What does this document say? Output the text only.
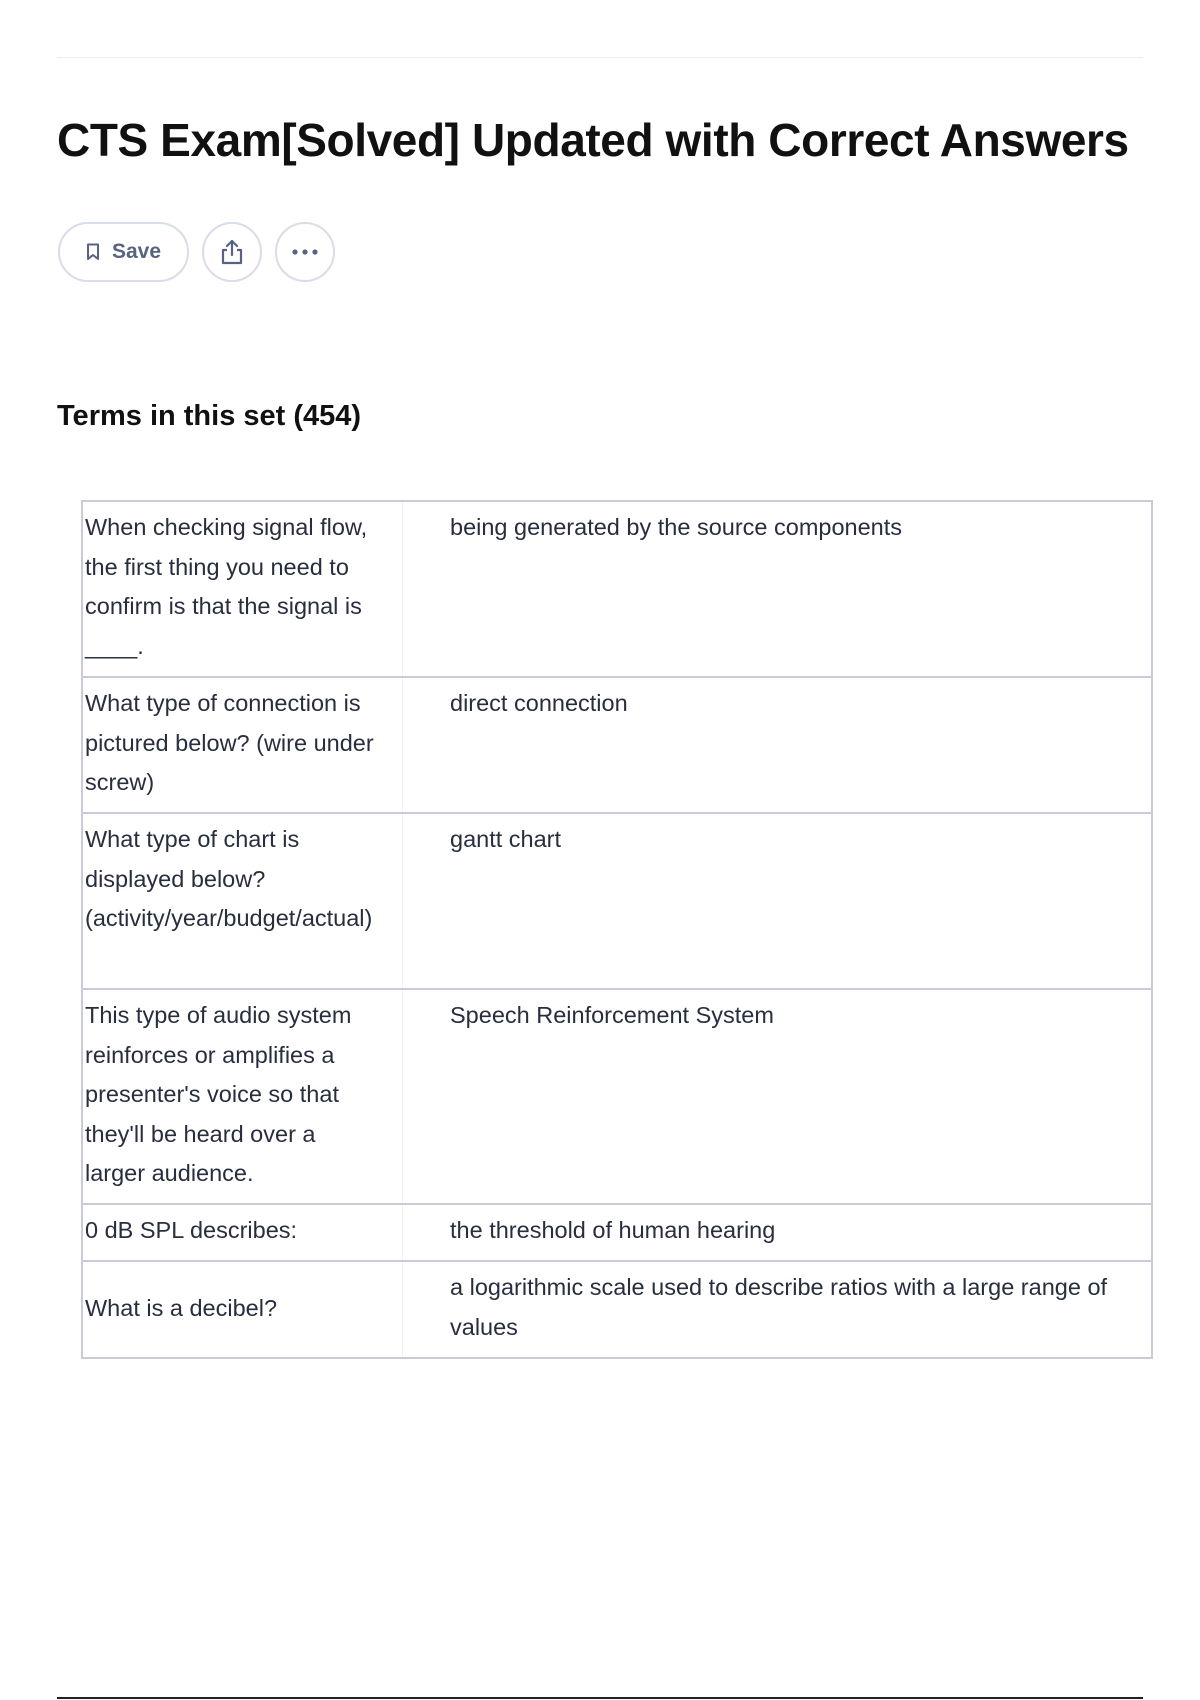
CTS Exam[Solved] Updated with Correct Answers
Save
Terms in this set (454)
When checking signal flow, the first thing you need to confirm is that the signal is ____.
being generated by the source components
What type of connection is pictured below? (wire under screw)
direct connection
What type of chart is displayed below? (activity/year/budget/actual)
gantt chart
This type of audio system reinforces or amplifies a presenter's voice so that they'll be heard over a larger audience.
Speech Reinforcement System
0 dB SPL describes:	the threshold of human hearing
What is a decibel?
a logarithmic scale used to describe ratios with a large range of values
